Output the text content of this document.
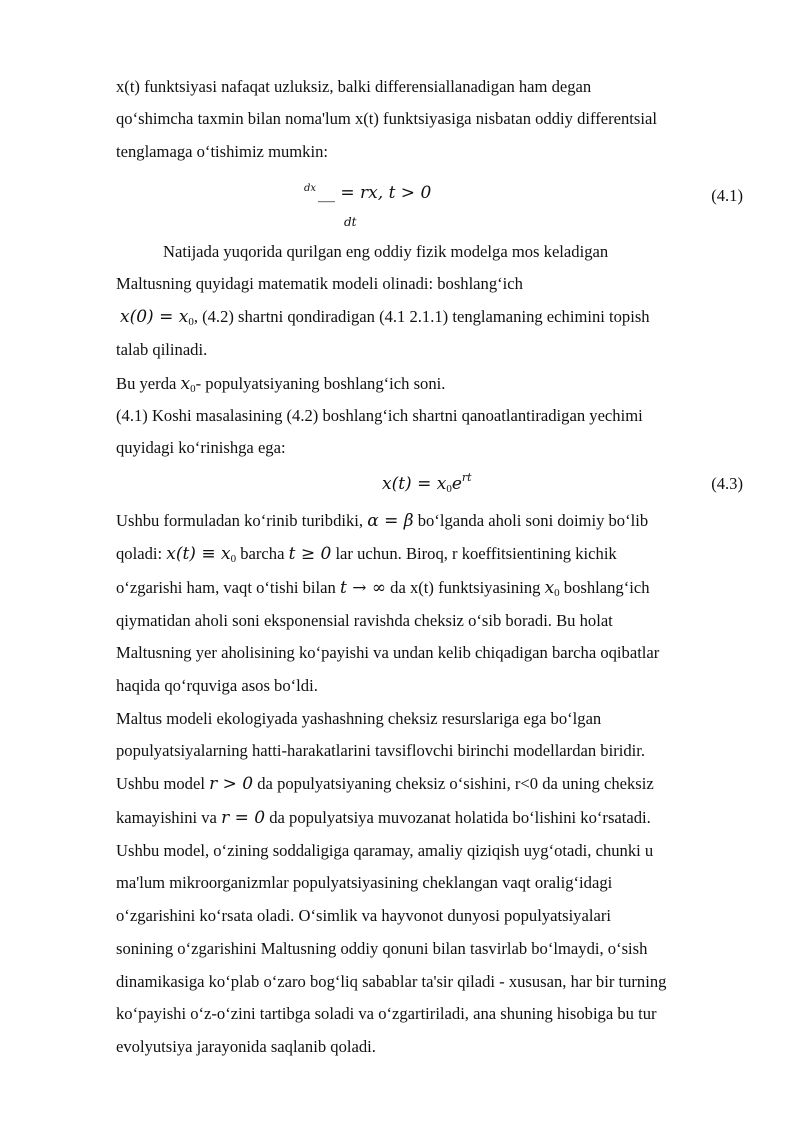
x(t) funktsiyasi nafaqat uzluksiz, balki differensiallanadigan ham degan
qo‘shimcha taxmin bilan noma'lum x(t) funktsiyasiga nisbatan oddiy differentsial
tenglamaga o‘tishimiz mumkin:
dx __ = rx, t > 0
dt
(4.1)
Natijada yuqorida qurilgan eng oddiy fizik modelga mos keladigan
Maltusning quyidagi matematik modeli olinadi: boshlang‘ich
$x(0) = x_0$, (4.2) shartni qondiradigan (4.1 2.1.1) tenglamaning echimini topish
talab qilinadi.
Bu yerda $x_0-$ populyatsiyaning boshlang‘ich soni.
(4.1) Koshi masalasining (4.2) boshlang‘ich shartni qanoatlantiradigan yechimi
quyidagi ko‘rinishga ega:
$x(t) = x_0e^{rt}$	(4.3)
Ushbu formuladan ko‘rinib turibdiki, α = β bo‘lganda aholi soni doimiy bo‘lib
qoladi: $x(t) \equiv x_0$ barcha t ≥ 0 lar uchun. Biroq, r koeffitsientining kichik
o‘zgarishi ham, vaqt o‘tishi bilan t → ∞ da x(t) funktsiyasining $x_0$ boshlang‘ich
qiymatidan aholi soni eksponensial ravishda cheksiz o‘sib boradi. Bu holat
Maltusning yer aholisining ko‘payishi va undan kelib chiqadigan barcha oqibatlar
haqida qo‘rquviga asos bo‘ldi.
Maltus modeli ekologiyada yashashning cheksiz resurslariga ega bo‘lgan
populyatsiyalarning hatti-harakatlarini tavsiflovchi birinchi modellardan biridir.
Ushbu model r > 0 da populyatsiyaning cheksiz o‘sishini, r<0 da uning cheksiz
kamayishini va r = 0 da populyatsiya muvozanat holatida bo‘lishini ko‘rsatadi.
Ushbu model, o‘zining soddaligiga qaramay, amaliy qiziqish uyg‘otadi, chunki u
ma'lum mikroorganizmlar populyatsiyasining cheklangan vaqt oralig‘idagi
o‘zgarishini ko‘rsata oladi. O‘simlik va hayvonot dunyosi populyatsiyalari
sonining o‘zgarishini Maltusning oddiy qonuni bilan tasvirlab bo‘lmaydi, o‘sish
dinamikasiga ko‘plab o‘zaro bog‘liq sabablar ta'sir qiladi - xususan, har bir turning
ko‘payishi o‘z-o‘zini tartibga soladi va o‘zgartiriladi, ana shuning hisobiga bu tur
evolyutsiya jarayonida saqlanib qoladi.
